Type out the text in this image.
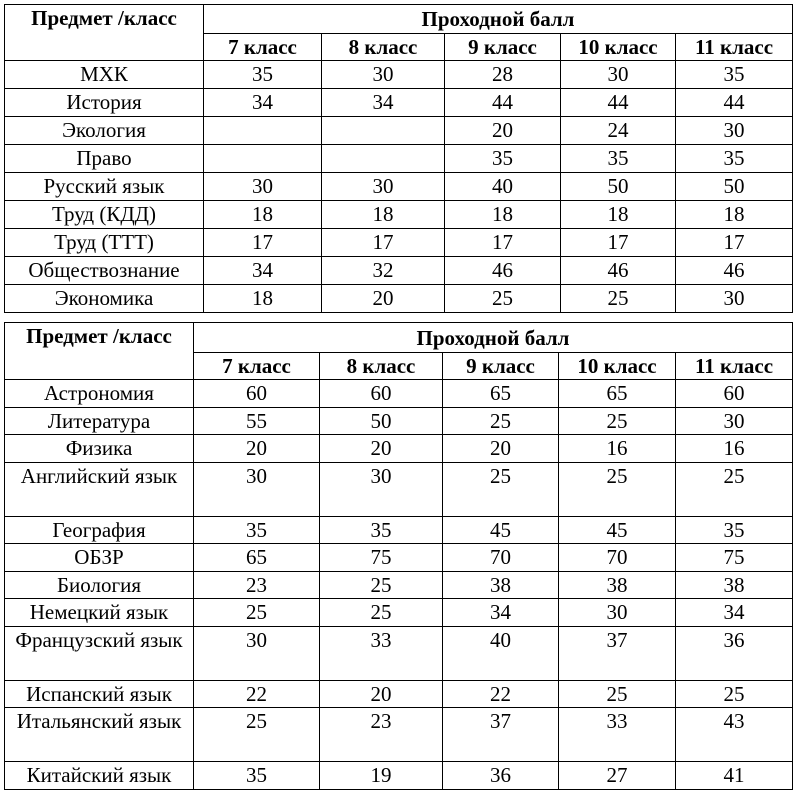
Предмет /класс	Проходной балл				
	7 класс	8 класс	9 класс	10 класс	11 класс
МХК	35	30	28	30	35
История	34	34	44	44	44
Экология			20	24	30
Право			35	35	35
Русский язык	30	30	40	50	50
Труд (КДД)	18	18	18	18	18
Труд (ТТТ)	17	17	17	17	17
Обществознание	34	32	46	46	46
Экономика	18	20	25	25	30
Предмет /класс	Проходной балл				
	7 класс	8 класс	9 класс	10 класс	11 класс
Астрономия	60	60	65	65	60
Литература	55	50	25	25	30
Физика	20	20	20	16	16
Английский язык	30	30	25	25	25
География	35	35	45	45	35
ОБЗР	65	75	70	70	75
Биология	23	25	38	38	38
Немецкий язык	25	25	34	30	34
Французский язык	30	33	40	37	36
Испанский язык	22	20	22	25	25
Итальянский язык	25	23	37	33	43
Китайский язык	35	19	36	27	41
